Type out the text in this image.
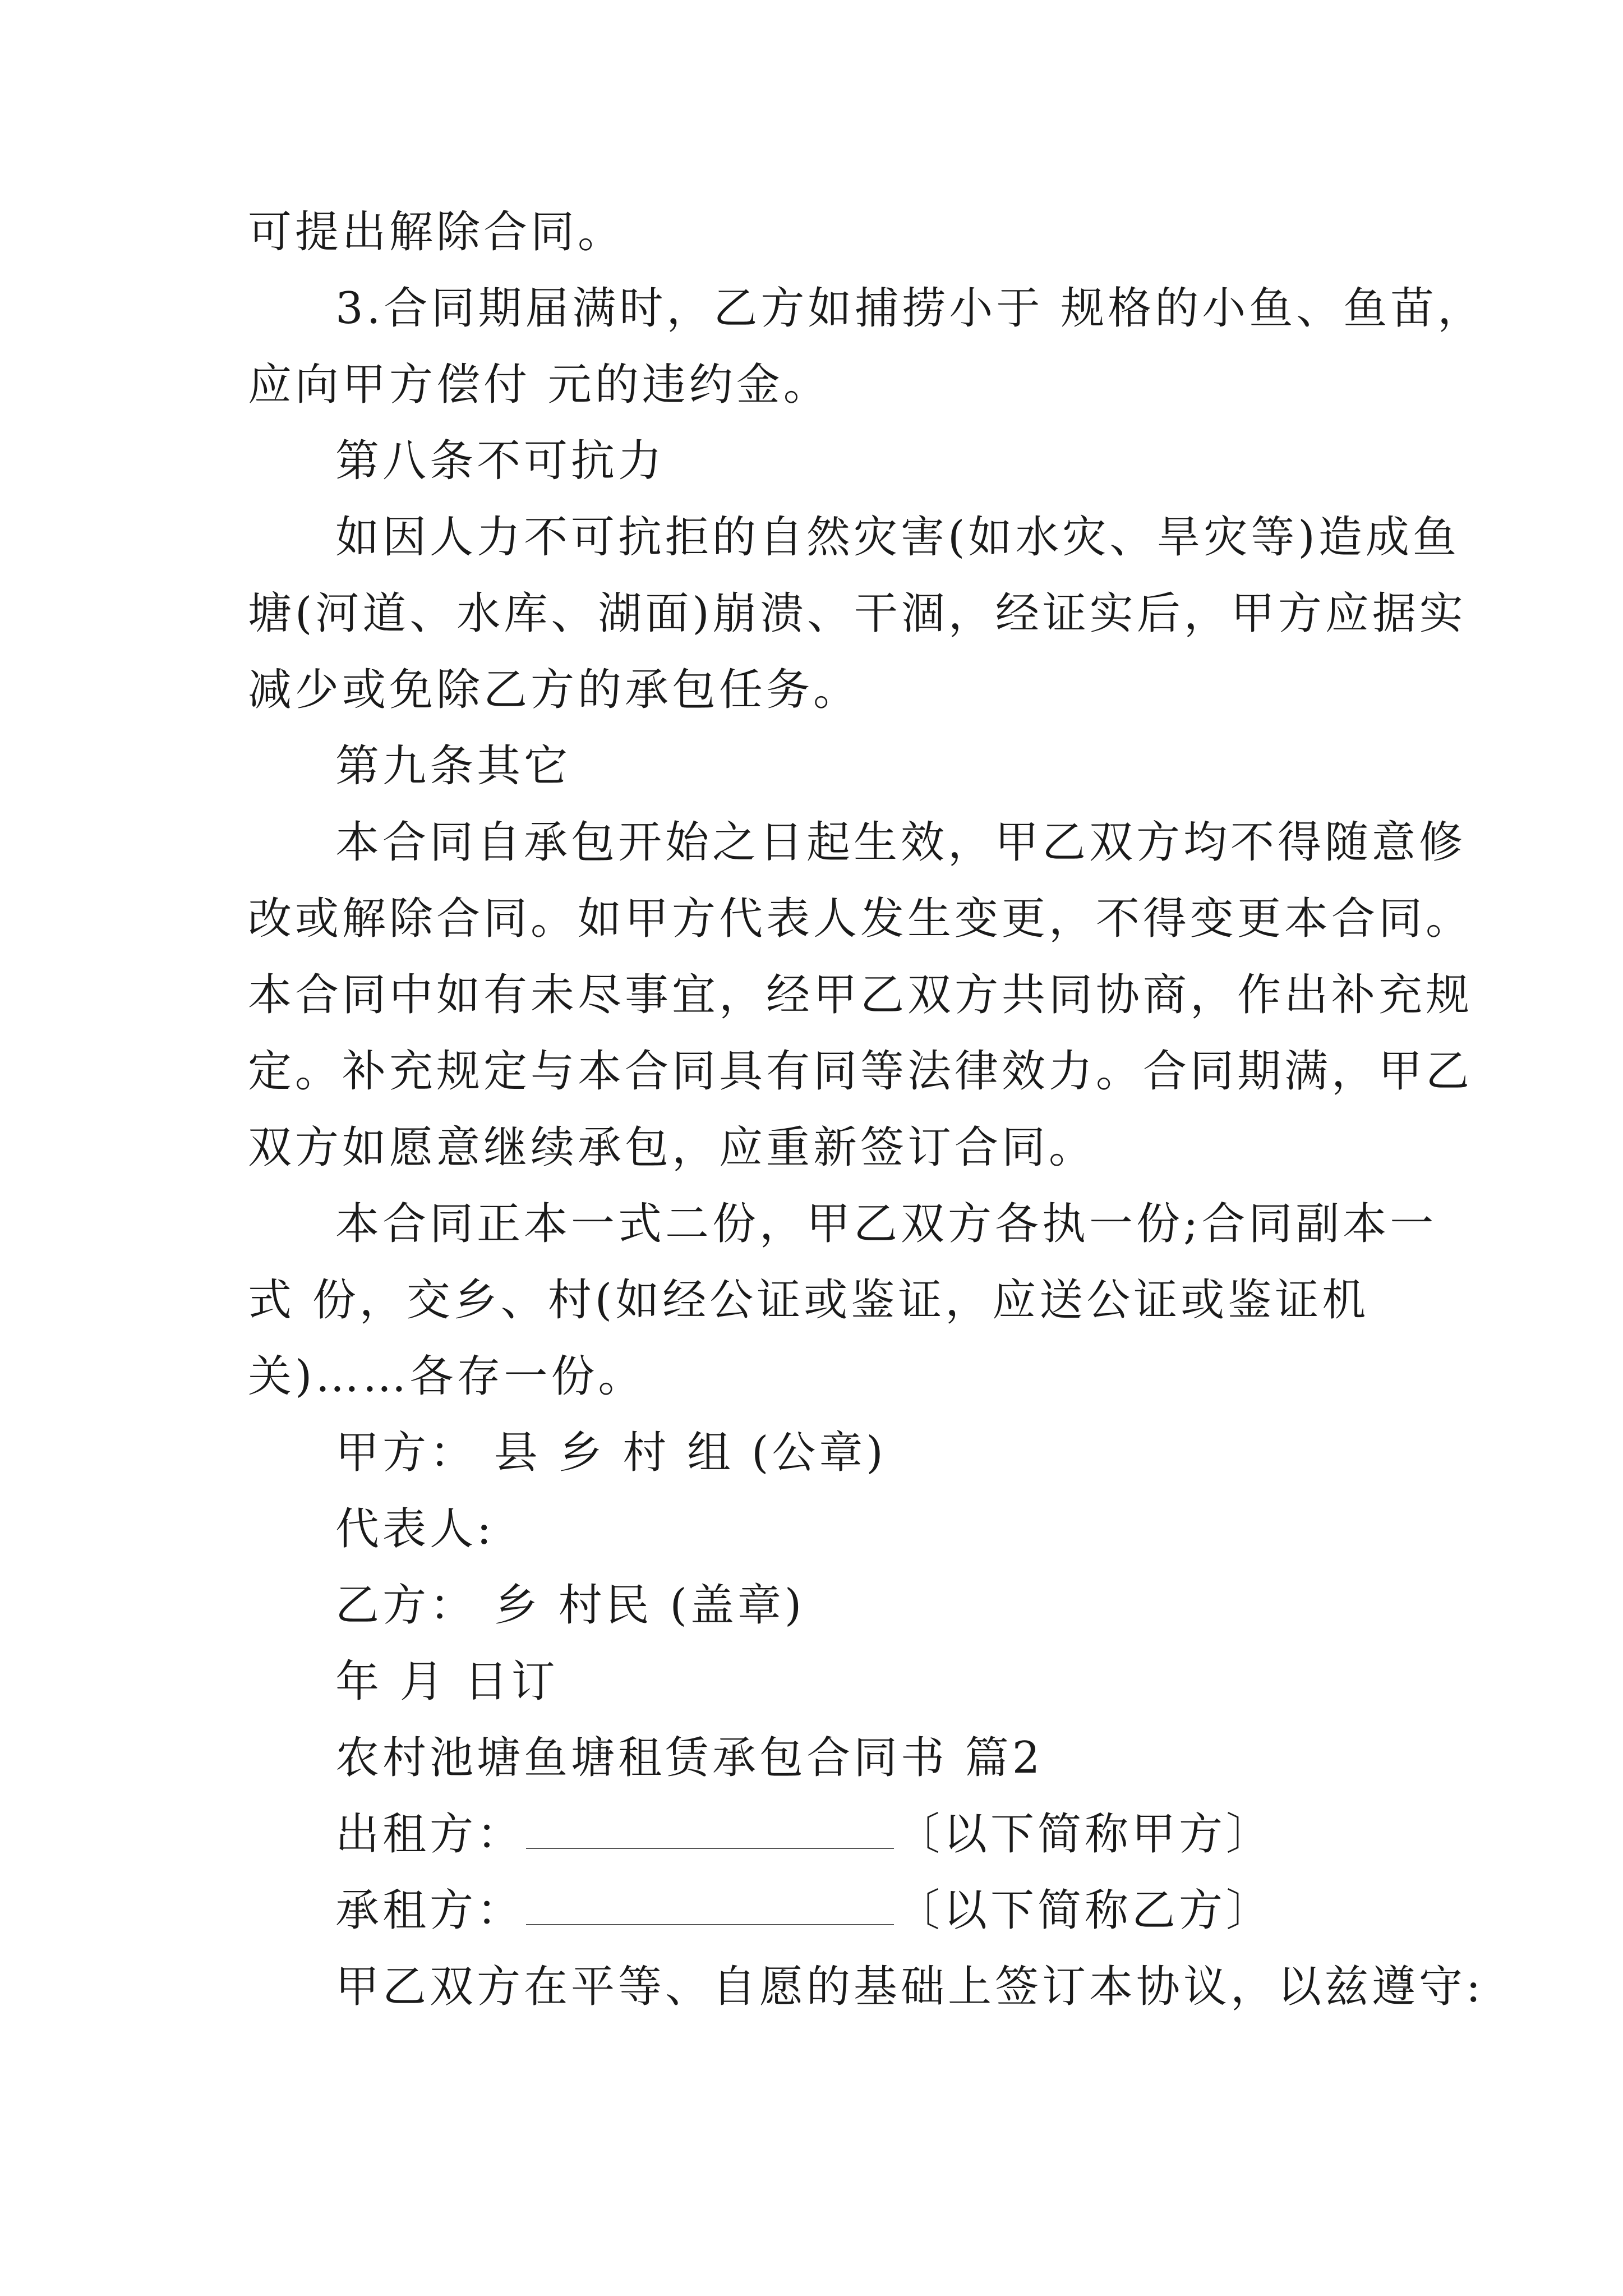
可提出解除合同。
3.合同期届满时，乙方如捕捞小于 规格的小鱼、鱼苗，
应向甲方偿付 元的违约金。
第八条不可抗力
如因人力不可抗拒的自然灾害(如水灾、旱灾等)造成鱼
塘(河道、水库、湖面)崩溃、干涸，经证实后，甲方应据实
减少或免除乙方的承包任务。
第九条其它
本合同自承包开始之日起生效，甲乙双方均不得随意修
改或解除合同。如甲方代表人发生变更，不得变更本合同。
本合同中如有未尽事宜，经甲乙双方共同协商，作出补充规
定。补充规定与本合同具有同等法律效力。合同期满，甲乙
双方如愿意继续承包，应重新签订合同。
本合同正本一式二份，甲乙双方各执一份;合同副本一
式 份，交乡、村(如经公证或鉴证，应送公证或鉴证机
关)……各存一份。
甲方： 县 乡 村 组 (公章)
代表人:
乙方： 乡 村民 (盖章)
年 月 日订
农村池塘鱼塘租赁承包合同书 篇2
出租方：	〔以下简称甲方〕
承租方：	〔以下简称乙方〕
甲乙双方在平等、自愿的基础上签订本协议，以兹遵守:
